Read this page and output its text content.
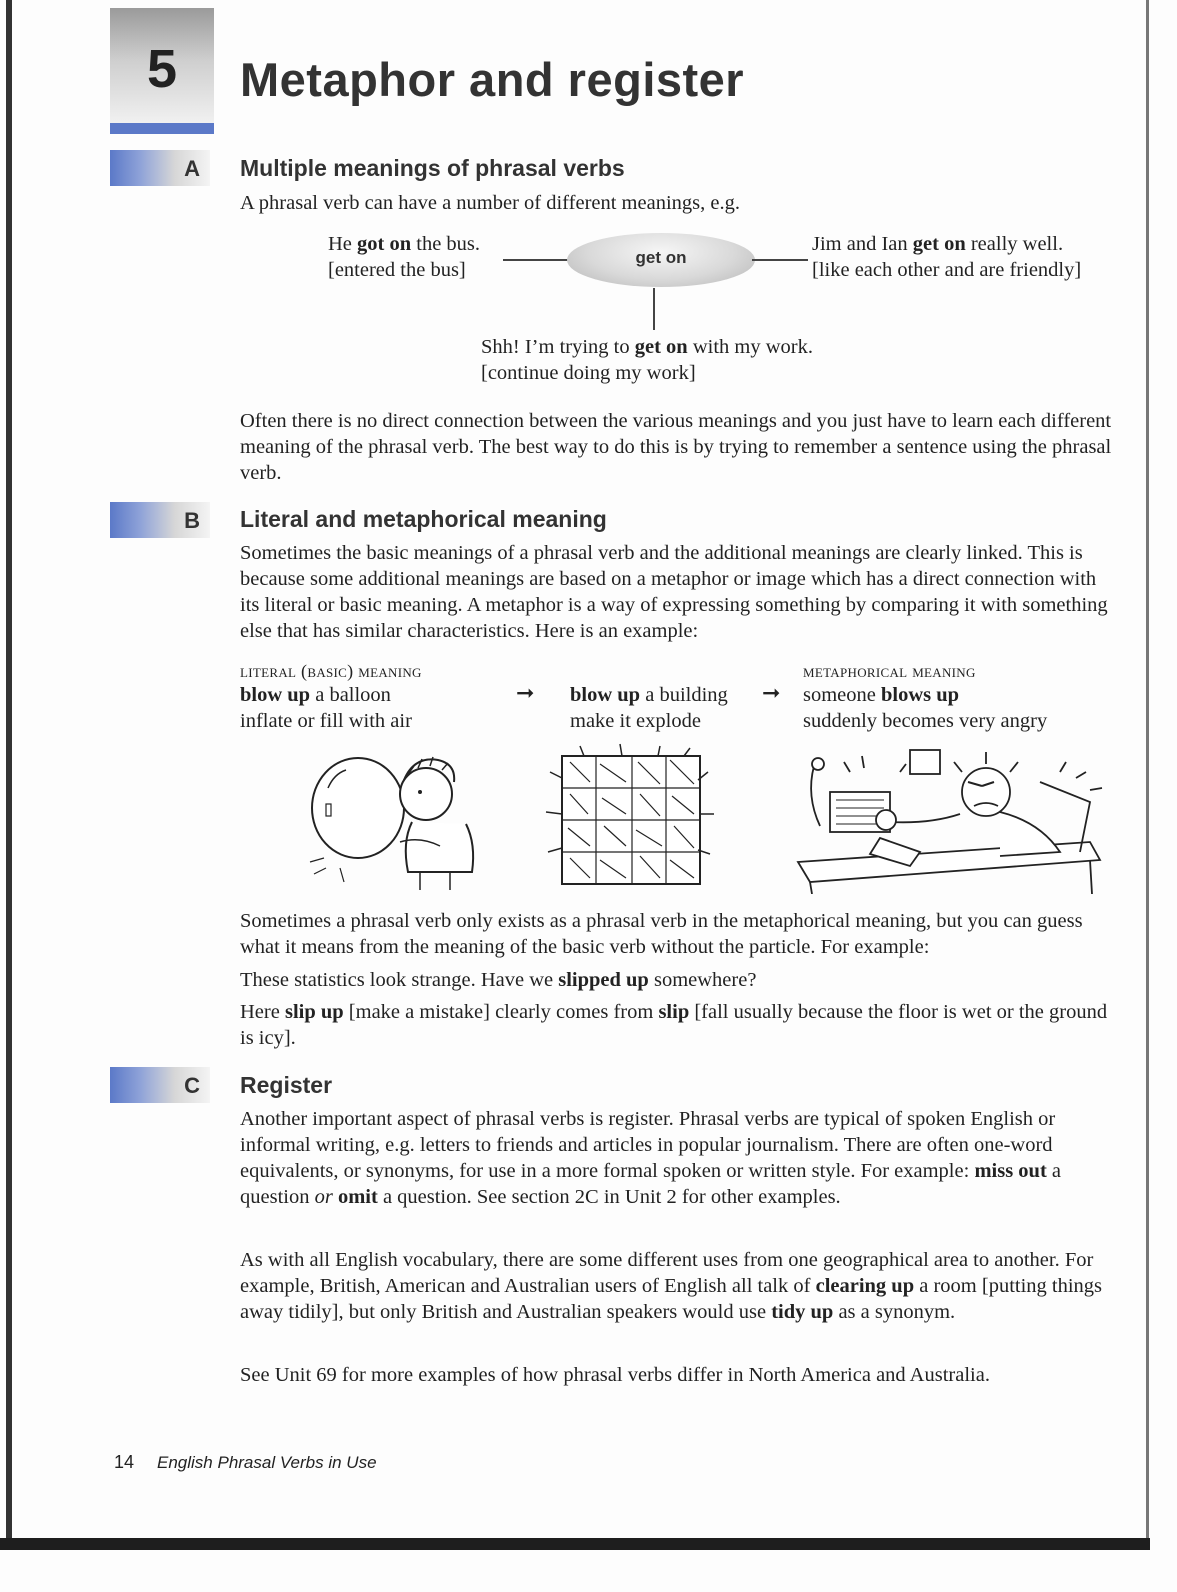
5	Metaphor and register
A Multiple meanings of phrasal verbs
A phrasal verb can have a number of different meanings, e.g.
He got on the bus.
[entered the bus]
get on
Jim and Ian get on really well.
[like each other and are friendly]
Shh! I’m trying to get on with my work.
[continue doing my work]
Often there is no direct connection between the various meanings and you just have to learn each different meaning of the phrasal verb. The best way to do this is by trying to remember a sentence using the phrasal verb.
B Literal and metaphorical meaning
Sometimes the basic meanings of a phrasal verb and the additional meanings are clearly linked. This is because some additional meanings are based on a metaphor or image which has a direct connection with its literal or basic meaning. A metaphor is a way of expressing something by comparing it with something else that has similar characteristics. Here is an example:
literal (basic) meaning	metaphorical meaning
blow up a balloon
inflate or fill with air
➞ blow up a building
make it explode
➞ someone blows up
suddenly becomes very angry
Sometimes a phrasal verb only exists as a phrasal verb in the metaphorical meaning, but you can guess what it means from the meaning of the basic verb without the particle. For example:
These statistics look strange. Have we slipped up somewhere?
Here slip up [make a mistake] clearly comes from slip [fall usually because the floor is wet or the ground is icy].
C Register
Another important aspect of phrasal verbs is register. Phrasal verbs are typical of spoken English or informal writing, e.g. letters to friends and articles in popular journalism. There are often one-word equivalents, or synonyms, for use in a more formal spoken or written style. For example: miss out a question or omit a question. See section 2C in Unit 2 for other examples.
As with all English vocabulary, there are some different uses from one geographical area to another. For example, British, American and Australian users of English all talk of clearing up a room [putting things away tidily], but only British and Australian speakers would use tidy up as a synonym.
See Unit 69 for more examples of how phrasal verbs differ in North America and Australia.
14 English Phrasal Verbs in Use
